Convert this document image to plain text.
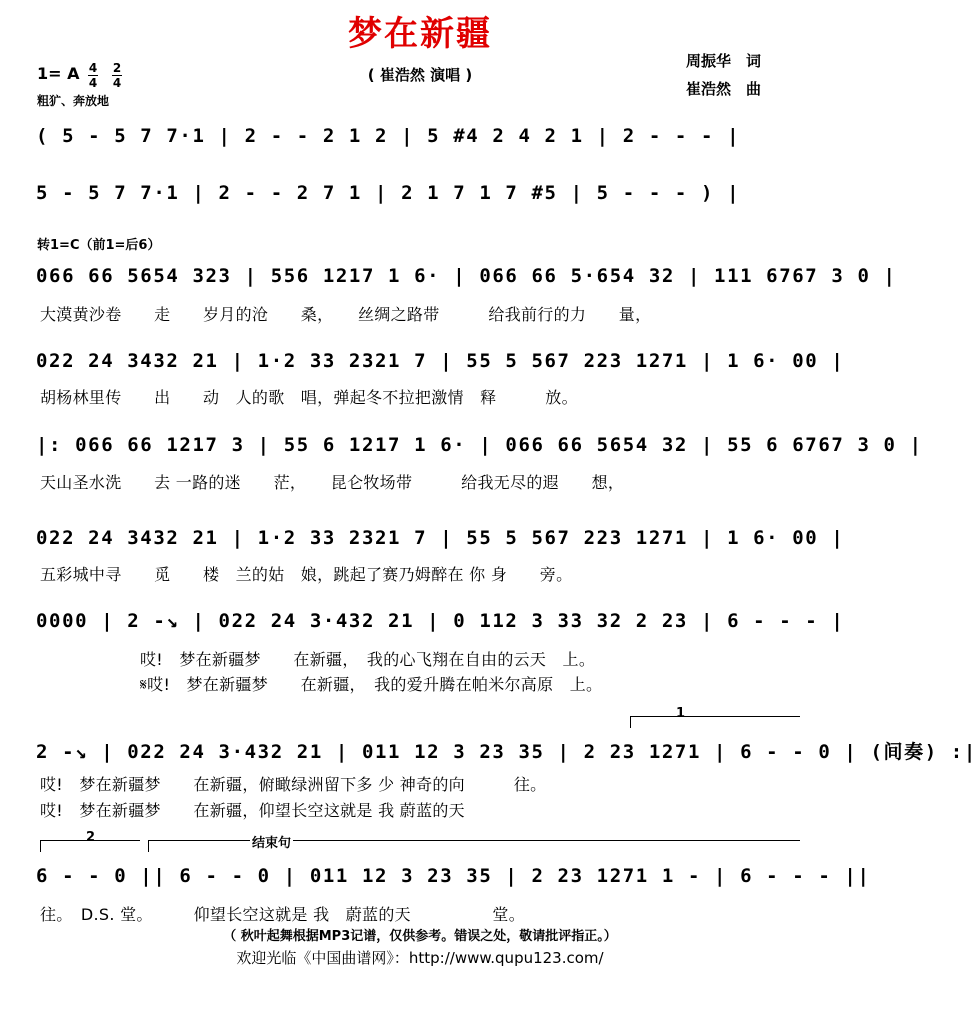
梦在新疆
( 崔浩然 演唱 )
周振华　词
崔浩然　曲
1= A 4
4
2
4
粗犷、奔放地
转1=C（前1=后6）
( 5 - 5 7 7·1 | 2 - - 2 1 2 | 5 #4 2 4 2 1 | 2 - - - |
5 - 5 7 7·1 | 2 - - 2 7 1 | 2 1 7 1 7 #5 | 5 - - - ) |
066 66 5654 323 | 556 1217 1 6· | 066 66 5·654 32 | 111 6767 3 0 |
大漠黄沙卷　　走　　岁月的沧　　桑，　　丝绸之路带　　　给我前行的力　　量，
022 24 3432 21 | 1·2 33 2321 7 | 55 5 567 223 1271 | 1 6· 00 |
胡杨林里传　　出　　动　人的歌　唱，弹起冬不拉把激情　释　　　放。
|: 066 66 1217 3 | 55 6 1217 1 6· | 066 66 5654 32 | 55 6 6767 3 0 |
天山圣水洗　　去 一路的迷　　茫，　　昆仑牧场带　　　给我无尽的遐　　想，
022 24 3432 21 | 1·2 33 2321 7 | 55 5 567 223 1271 | 1 6· 00 |
五彩城中寻　　觅　　楼　兰的姑　娘，跳起了赛乃姆醉在 你 身　　旁。
0000 | 2 -↘ | 022 24 3·432 21 | 0 112 3 33 32 2 23 | 6 - - - |
哎!　梦在新疆梦　　在新疆，　我的心飞翔在自由的云天　上。
𝄋哎!　梦在新疆梦　　在新疆，　我的爱升腾在帕米尔高原　上。
1
2 -↘ | 022 24 3·432 21 | 011 12 3 23 35 | 2 23 1271 | 6 - - 0 | (间奏) :|
哎!　梦在新疆梦　　在新疆，俯瞰绿洲留下多 少 神奇的向　　　往。
哎!　梦在新疆梦　　在新疆，仰望长空这就是 我 蔚蓝的天
2	结束句
6 - - 0 || 6 - - 0 | 011 12 3 23 35 | 2 23 1271 1 - | 6 - - - ||
往。　D.S. 堂。　　　仰望长空这就是 我　蔚蓝的天　　　　　堂。
（ 秋叶起舞根据MP3记谱，仅供参考。错误之处，敬请批评指正。）
欢迎光临《中国曲谱网》：http://www.qupu123.com/
